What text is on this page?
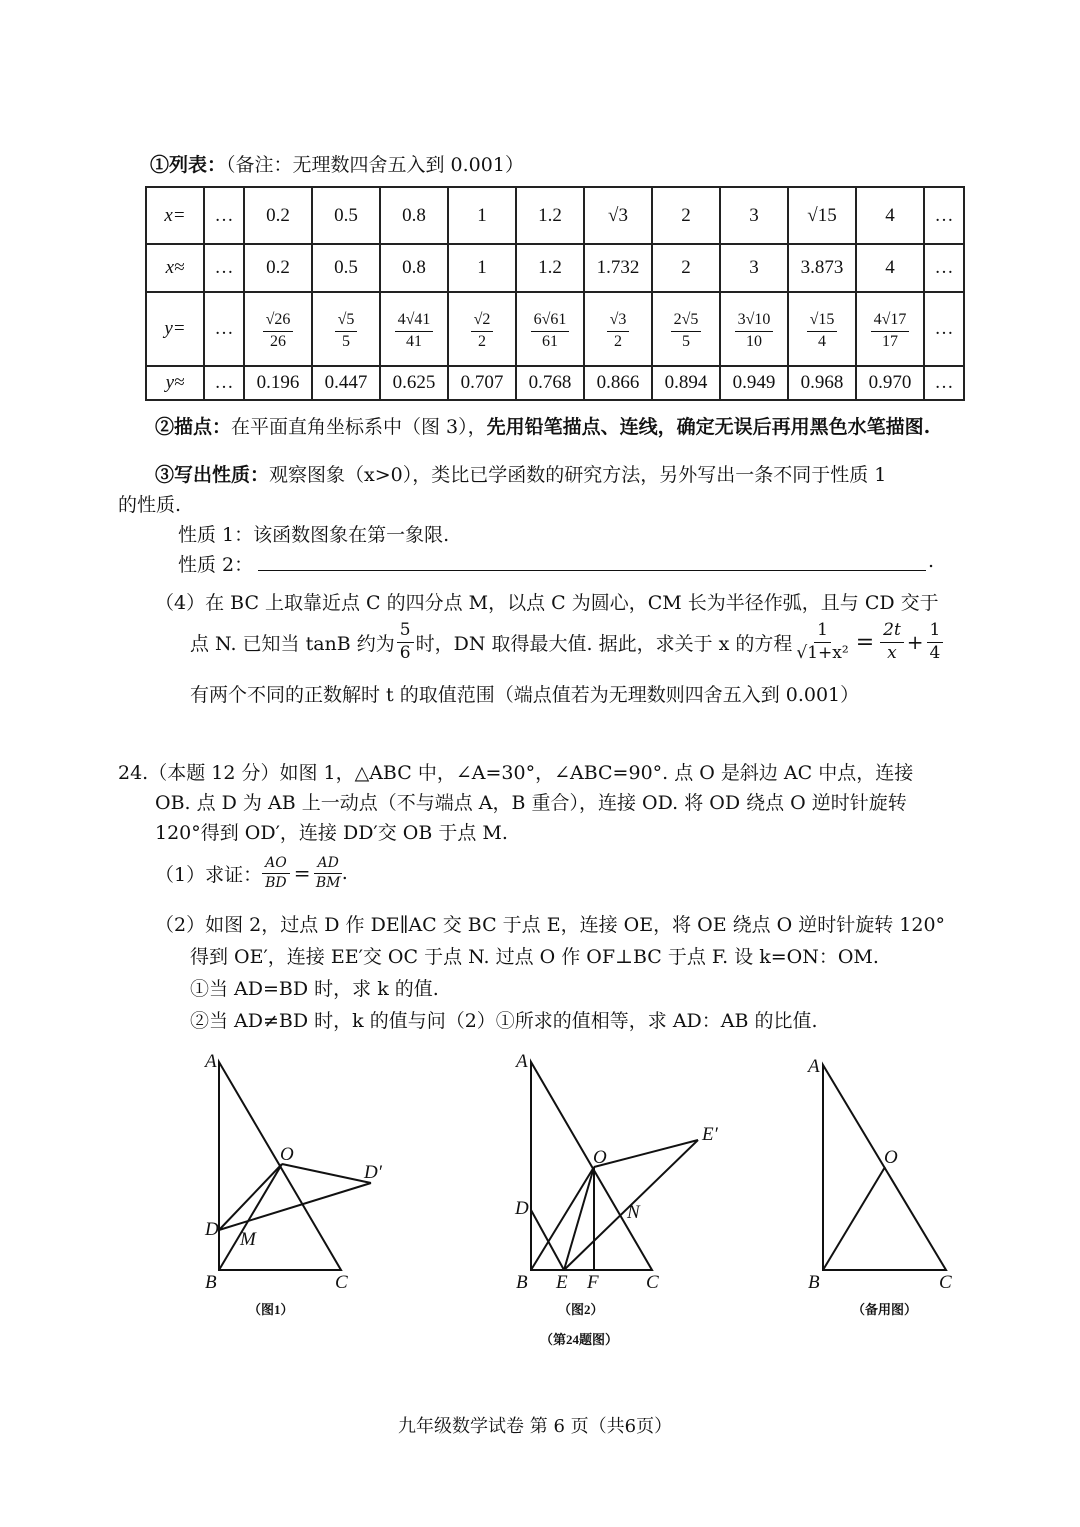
①列表：（备注：无理数四舍五入到 0.001）
x=	…	0.2	0.5	0.8	1	1.2	√3	2	3	√15	4	…
x≈	…	0.2	0.5	0.8	1	1.2	1.732	2	3	3.873	4	…
y=	…	$\frac{√26}{26}$	$\frac{√5}{5}$	$\frac{4√41}{41}$	$\frac{√2}{2}$	$\frac{6√61}{61}$	$\frac{√3}{2}$	$\frac{2√5}{5}$	$\frac{3√10}{10}$	$\frac{√15}{4}$	$\frac{4√17}{17}$	…
y≈	…	0.196	0.447	0.625	0.707	0.768	0.866	0.894	0.949	0.968	0.970	…
②描点：在平面直角坐标系中（图 3），先用铅笔描点、连线，确定无误后再用黑色水笔描图.
③写出性质：观察图象（x>0），类比已学函数的研究方法，另外写出一条不同于性质 1
的性质.
性质 1：该函数图象在第一象限.
性质 2：	.
（4）在 BC 上取靠近点 C 的四分点 M，以点 C 为圆心，CM 长为半径作弧，且与 CD 交于
点 N. 已知当 tanB 约为 $\frac{5}{6}$ 时，DN 取得最大值. 据此，求关于 x 的方程 $\frac{1}{\text{√1+x²}} = \frac{2t}{x} + \frac{1}{4}$
有两个不同的正数解时 t 的取值范围（端点值若为无理数则四舍五入到 0.001）
24.（本题 12 分）如图 1，△ABC 中，∠A=30°，∠ABC=90°. 点 O 是斜边 AC 中点，连接
OB. 点 D 为 AB 上一动点（不与端点 A，B 重合），连接 OD. 将 OD 绕点 O 逆时针旋转
120°得到 OD′，连接 DD′交 OB 于点 M.
（1）求证： $\frac{AO}{BD} = \frac{AD}{BM}$ .
（2）如图 2，过点 D 作 DE∥AC 交 BC 于点 E，连接 OE，将 OE 绕点 O 逆时针旋转 120°
得到 OE′，连接 EE′交 OC 于点 N. 过点 O 作 OF⊥BC 于点 F. 设 k=ON：OM.
①当 AD=BD 时，求 k 的值.
②当 AD≠BD 时，k 的值与问（2）①所求的值相等，求 AD：AB 的比值.
A
B	C
O
D
D′
M
A
B	C
O
D
E F
N
E′
A
B	C
O
（图1）	（图2）	（备用图）
（第24题图）
九年级数学试卷 第 6 页（共6页）
